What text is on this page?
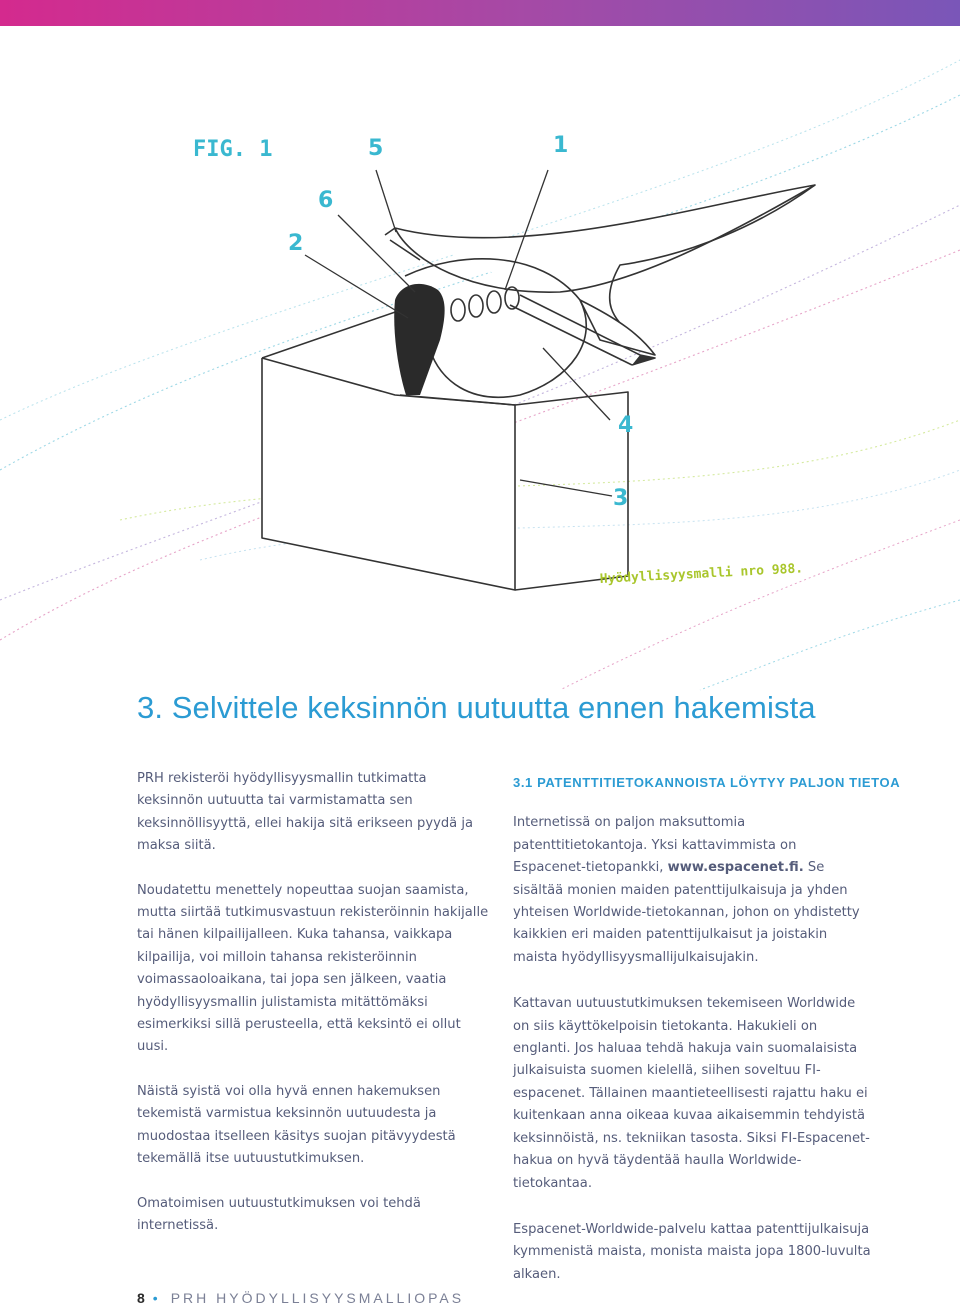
FIG. 1	1
2
3
4
5
6
Hyödyllisyysmalli nro 988.
3. Selvittele keksinnön uutuutta ennen hakemista

PRH rekisteröi hyödyllisyysmallin tutkimatta keksinnön uutuutta tai varmistamatta sen keksinnöllisyyttä, ellei hakija sitä erikseen pyydä ja maksa siitä.

Noudatettu menettely nopeuttaa suojan saamista, mutta siirtää tutkimusvastuun rekisteröinnin hakijalle tai hänen kilpailijalleen. Kuka tahansa, vaikkapa kilpailija, voi milloin tahansa rekisteröinnin voimassaoloaikana, tai jopa sen jälkeen, vaatia hyödyllisyysmallin julistamista mitättömäksi esimerkiksi sillä perusteella, että keksintö ei ollut uusi.

Näistä syistä voi olla hyvä ennen hakemuksen tekemistä varmistua keksinnön uutuudesta ja muodostaa itselleen käsitys suojan pitävyydestä tekemällä itse uutuustutkimuksen.

Omatoimisen uutuustutkimuksen voi tehdä internetissä.

3.1 PATENTTITIETOKANNOISTA LÖYTYY PALJON TIETOA

Internetissä on paljon maksuttomia patenttitietokantoja. Yksi kattavimmista on Espacenet-tietopankki, www.espacenet.fi. Se sisältää monien maiden patenttijulkaisuja ja yhden yhteisen Worldwide-tietokannan, johon on yhdistetty kaikkien eri maiden patenttijulkaisut ja joistakin maista hyödyllisyysmallijulkaisujakin.

Kattavan uutuustutkimuksen tekemiseen Worldwide on siis käyttökelpoisin tietokanta. Hakukieli on englanti. Jos haluaa tehdä hakuja vain suomalaisista julkaisuista suomen kielellä, siihen soveltuu FI-espacenet. Tällainen maantieteellisesti rajattu haku ei kuitenkaan anna oikeaa kuvaa aikaisemmin tehdyistä keksinnöistä, ns. tekniikan tasosta. Siksi FI-Espacenet-hakua on hyvä täydentää haulla Worldwide-tietokantaa.

Espacenet-Worldwide-palvelu kattaa patenttijulkaisuja kymmenistä maista, monista maista jopa 1800-luvulta alkaen.

8 • PRH HYÖDYLLISYYSMALLIOPAS
